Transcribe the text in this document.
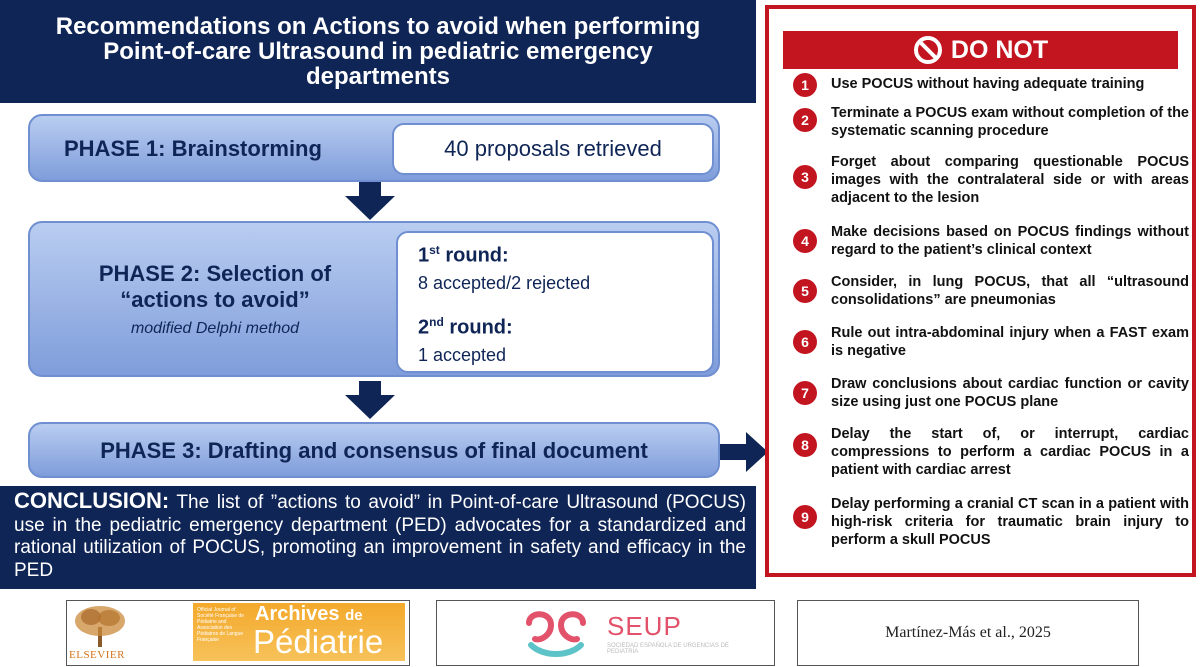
Recommendations on Actions to avoid when performing Point-of-care Ultrasound in pediatric emergency departments
PHASE 1: Brainstorming	40 proposals retrieved
PHASE 2: Selection of
“actions to avoid”
modified Delphi method
1st round:
8 accepted/2 rejected
2nd round:
1 accepted
PHASE 3: Drafting and consensus of final document
CONCLUSION: The list of ”actions to avoid” in Point-of-care Ultrasound (POCUS) use in the pediatric emergency department (PED) advocates for a standardized and rational utilization of POCUS, promoting an improvement in safety and efficacy in the PED
ELSEVIER
Official Journal of Société Française de Pédiatrie and Association des Pédiatres de Langue Française
Archives de
Pédiatrie	SEUP
SOCIEDAD ESPAÑOLA DE URGENCIAS DE PEDIATRÍA
Martínez-Más et al., 2025
DO NOT
1	Use POCUS without having adequate training
2	Terminate a POCUS exam without completion of the systematic scanning procedure
3
Forget about comparing questionable POCUS images with the contralateral side or with areas adjacent to the lesion
4
Make decisions based on POCUS findings without regard to the patient’s clinical context
5
Consider, in lung POCUS, that all “ultrasound consolidations” are pneumonias
6
Rule out intra-abdominal injury when a FAST exam is negative
7
Draw conclusions about cardiac function or cavity size using just one POCUS plane
8
Delay the start of, or interrupt, cardiac compressions to perform a cardiac POCUS in a patient with cardiac arrest
9
Delay performing a cranial CT scan in a patient with high-risk criteria for traumatic brain injury to perform a skull POCUS
